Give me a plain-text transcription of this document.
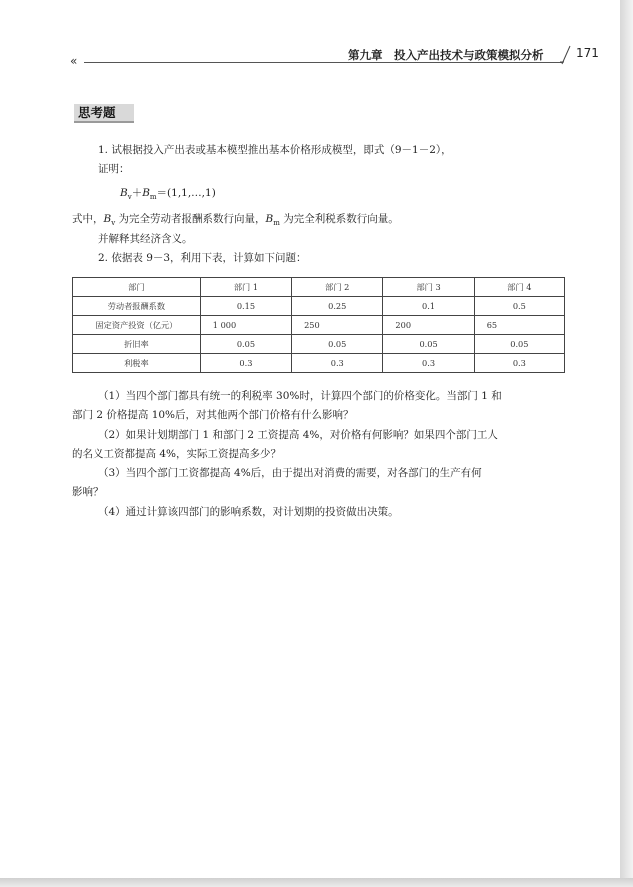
«	第九章　投入产出技术与政策模拟分析	171
思考题
1. 试根据投入产出表或基本模型推出基本价格形成模型，即式（9－1－2），
证明：
$B_v+B_m=(1,1,\dots,1)$
式中，$B_v$ 为完全劳动者报酬系数行向量，$B_m$ 为完全利税系数行向量。
并解释其经济含义。
2. 依据表 9－3，利用下表，计算如下问题：
部门	部门 1	部门 2	部门 3	部门 4
劳动者报酬系数	0.15	0.25	0.1	0.5
固定资产投资（亿元）	1 000	250	200	65
折旧率	0.05	0.05	0.05	0.05
利税率	0.3	0.3	0.3	0.3
（1）当四个部门都具有统一的利税率 30%时，计算四个部门的价格变化。当部门 1 和
部门 2 价格提高 10%后，对其他两个部门价格有什么影响？
（2）如果计划期部门 1 和部门 2 工资提高 4%，对价格有何影响？如果四个部门工人
的名义工资都提高 4%，实际工资提高多少？
（3）当四个部门工资都提高 4%后，由于提出对消费的需要，对各部门的生产有何
影响？
（4）通过计算该四部门的影响系数，对计划期的投资做出决策。
